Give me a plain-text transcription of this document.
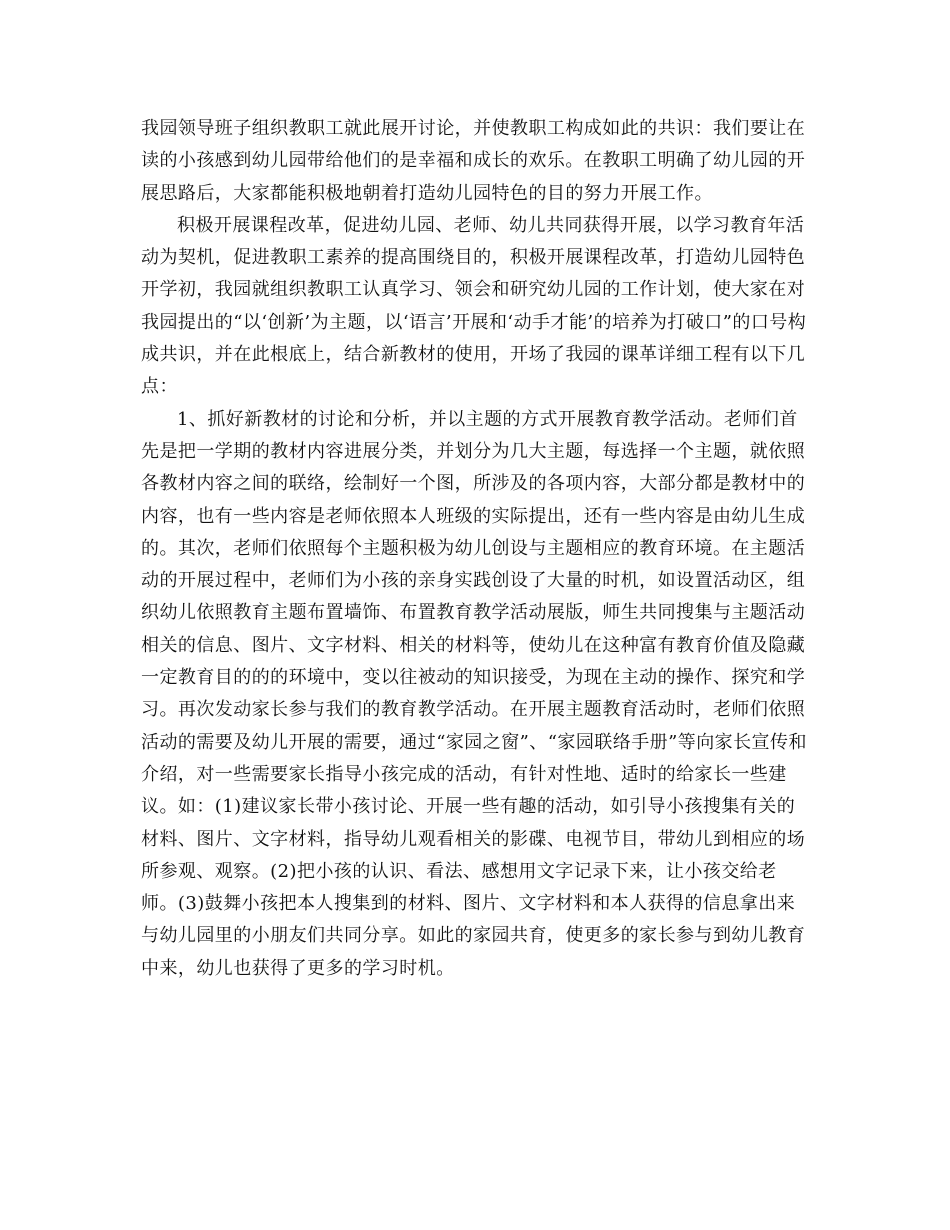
我园领导班子组织教职工就此展开讨论，并使教职工构成如此的共识：我们要让在读的小孩感到幼儿园带给他们的是幸福和成长的欢乐。在教职工明确了幼儿园的开展思路后，大家都能积极地朝着打造幼儿园特色的目的努力开展工作。

积极开展课程改革，促进幼儿园、老师、幼儿共同获得开展，以学习教育年活动为契机，促进教职工素养的提高围绕目的，积极开展课程改革，打造幼儿园特色开学初，我园就组织教职工认真学习、领会和研究幼儿园的工作计划，使大家在对我园提出的“以‘创新’为主题，以‘语言’开展和‘动手才能’的培养为打破口”的口号构成共识，并在此根底上，结合新教材的使用，开场了我园的课革详细工程有以下几点：

1、抓好新教材的讨论和分析，并以主题的方式开展教育教学活动。老师们首先是把一学期的教材内容进展分类，并划分为几大主题，每选择一个主题，就依照各教材内容之间的联络，绘制好一个图，所涉及的各项内容，大部分都是教材中的内容，也有一些内容是老师依照本人班级的实际提出，还有一些内容是由幼儿生成的。其次，老师们依照每个主题积极为幼儿创设与主题相应的教育环境。在主题活动的开展过程中，老师们为小孩的亲身实践创设了大量的时机，如设置活动区，组织幼儿依照教育主题布置墙饰、布置教育教学活动展版，师生共同搜集与主题活动相关的信息、图片、文字材料、相关的材料等，使幼儿在这种富有教育价值及隐藏一定教育目的的的环境中，变以往被动的知识接受，为现在主动的操作、探究和学习。再次发动家长参与我们的教育教学活动。在开展主题教育活动时，老师们依照活动的需要及幼儿开展的需要，通过“家园之窗”、“家园联络手册”等向家长宣传和介绍，对一些需要家长指导小孩完成的活动，有针对性地、适时的给家长一些建议。如：(1)建议家长带小孩讨论、开展一些有趣的活动，如引导小孩搜集有关的材料、图片、文字材料，指导幼儿观看相关的影碟、电视节目，带幼儿到相应的场所参观、观察。(2)把小孩的认识、看法、感想用文字记录下来，让小孩交给老师。(3)鼓舞小孩把本人搜集到的材料、图片、文字材料和本人获得的信息拿出来与幼儿园里的小朋友们共同分享。如此的家园共育，使更多的家长参与到幼儿教育中来，幼儿也获得了更多的学习时机。
